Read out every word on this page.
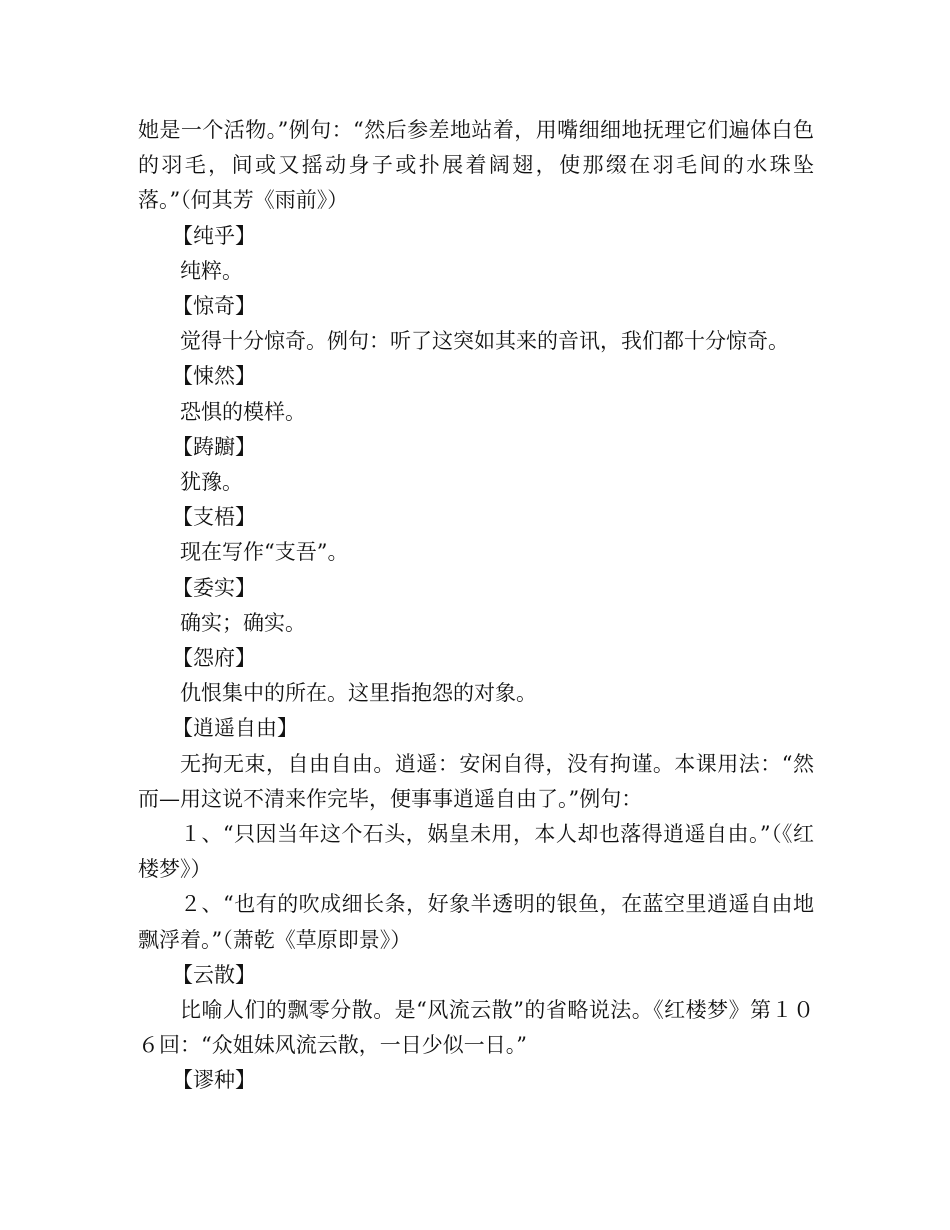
她是一个活物。”例句：“然后参差地站着，用嘴细细地抚理它们遍体白色的羽毛，间或又摇动身子或扑展着阔翅，使那缀在羽毛间的水珠坠落。”（何其芳《雨前》）

【纯乎】

纯粹。

【惊奇】

觉得十分惊奇。例句：听了这突如其来的音讯，我们都十分惊奇。

【悚然】

恐惧的模样。

【踌躕】

犹豫。

【支梧】

现在写作“支吾”。

【委实】

确实；确实。

【怨府】

仇恨集中的所在。这里指抱怨的对象。

【逍遥自由】

无拘无束，自由自由。逍遥：安闲自得，没有拘谨。本课用法：“然而—用这说不清来作完毕，便事事逍遥自由了。”例句：

１、“只因当年这个石头，娲皇未用，本人却也落得逍遥自由。”（《红楼梦》）

２、“也有的吹成细长条，好象半透明的银鱼，在蓝空里逍遥自由地飘浮着。”（萧乾《草原即景》）

【云散】

比喻人们的飘零分散。是“风流云散”的省略说法。《红楼梦》第１０６回：“众姐妹风流云散，一日少似一日。”

【谬种】
